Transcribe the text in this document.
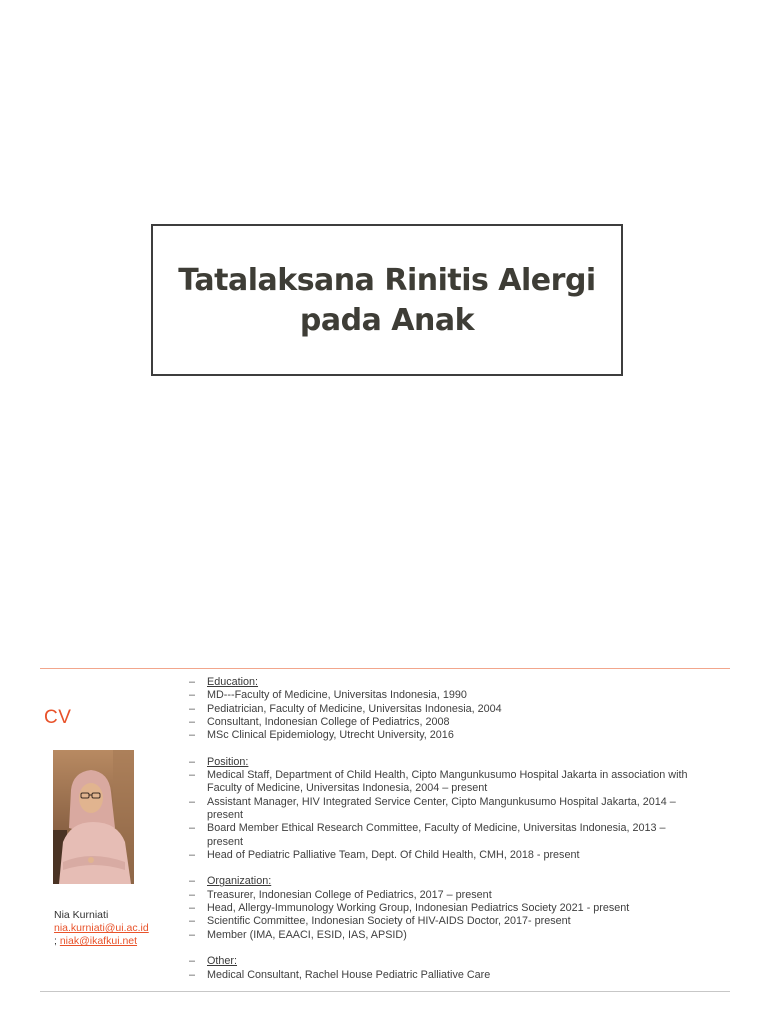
Tatalaksana Rinitis Alergi
pada Anak
CV
Nia Kurniati
nia.kurniati@ui.ac.id
; niak@ikafkui.net
–	Education:
–	MD---Faculty of Medicine, Universitas Indonesia, 1990
–	Pediatrician, Faculty of Medicine, Universitas Indonesia, 2004
–	Consultant, Indonesian College of Pediatrics, 2008
–	MSc Clinical Epidemiology, Utrecht University, 2016
–	Position:
–	Medical Staff, Department of Child Health, Cipto Mangunkusumo Hospital Jakarta in association with
Faculty of Medicine, Universitas Indonesia, 2004 – present
–	Assistant Manager, HIV Integrated Service Center, Cipto Mangunkusumo Hospital Jakarta, 2014 –
present
–	Board Member Ethical Research Committee, Faculty of Medicine, Universitas Indonesia, 2013 –
present
–	Head of Pediatric Palliative Team, Dept. Of Child Health, CMH, 2018 - present
–	Organization:
–	Treasurer, Indonesian College of Pediatrics, 2017 – present
–	Head, Allergy-Immunology Working Group, Indonesian Pediatrics Society 2021 - present
–	Scientific Committee, Indonesian Society of HIV-AIDS Doctor, 2017- present
–	Member (IMA, EAACI, ESID, IAS, APSID)
–	Other:
–	Medical Consultant, Rachel House Pediatric Palliative Care
